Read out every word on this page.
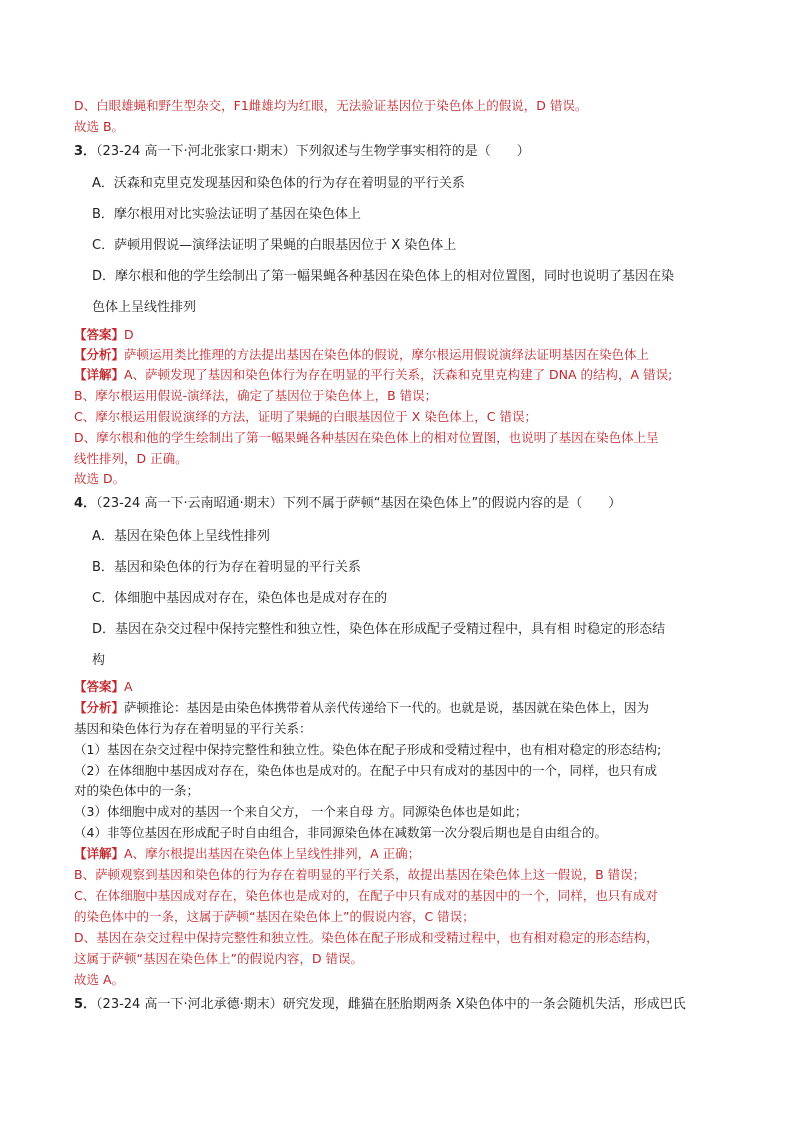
D、白眼雄蝇和野生型杂交，F1雌雄均为红眼，无法验证基因位于染色体上的假说，D 错误。
故选 B。
3．（23-24 高一下·河北张家口·期末）下列叙述与生物学事实相符的是（　　）
A．沃森和克里克发现基因和染色体的行为存在着明显的平行关系
B．摩尔根用对比实验法证明了基因在染色体上
C．萨顿用假说—演绎法证明了果蝇的白眼基因位于 X 染色体上
D．摩尔根和他的学生绘制出了第一幅果蝇各种基因在染色体上的相对位置图，同时也说明了基因在染
色体上呈线性排列
【答案】D
【分析】萨顿运用类比推理的方法提出基因在染色体的假说，摩尔根运用假说演绎法证明基因在染色体上
【详解】A、萨顿发现了基因和染色体行为存在明显的平行关系，沃森和克里克构建了 DNA 的结构，A 错误;
B、摩尔根运用假说-演绎法，确定了基因位于染色体上，B 错误；
C、摩尔根运用假说演绎的方法，证明了果蝇的白眼基因位于 X 染色体上，C 错误；
D、摩尔根和他的学生绘制出了第一幅果蝇各种基因在染色体上的相对位置图，也说明了基因在染色体上呈
线性排列，D 正确。
故选 D。
4．（23-24 高一下·云南昭通·期末）下列不属于萨顿“基因在染色体上”的假说内容的是（　　）
A．基因在染色体上呈线性排列
B．基因和染色体的行为存在着明显的平行关系
C．体细胞中基因成对存在，染色体也是成对存在的
D．基因在杂交过程中保持完整性和独立性，染色体在形成配子受精过程中，具有相 时稳定的形态结
构
【答案】A
【分析】萨顿推论：基因是由染色体携带着从亲代传递给下一代的。也就是说，基因就在染色体上，因为
基因和染色体行为存在着明显的平行关系：
（1）基因在杂交过程中保持完整性和独立性。染色体在配子形成和受精过程中，也有相对稳定的形态结构;
（2）在体细胞中基因成对存在，染色体也是成对的。在配子中只有成对的基因中的一个，同样，也只有成
对的染色体中的一条；
（3）体细胞中成对的基因一个来自父方， 一个来自母 方。同源染色体也是如此；
（4）非等位基因在形成配子时自由组合，非同源染色体在减数第一次分裂后期也是自由组合的。
【详解】A、摩尔根提出基因在染色体上呈线性排列，A 正确；
B、萨顿观察到基因和染色体的行为存在着明显的平行关系，故提出基因在染色体上这一假说，B 错误；
C、在体细胞中基因成对存在，染色体也是成对的，在配子中只有成对的基因中的一个，同样，也只有成对
的染色体中的一条，这属于萨顿“基因在染色体上”的假说内容，C 错误；
D、基因在杂交过程中保持完整性和独立性。染色体在配子形成和受精过程中，也有相对稳定的形态结构，
这属于萨顿“基因在染色体上”的假说内容，D 错误。
故选 A。
5．（23-24 高一下·河北承德·期末）研究发现，雌猫在胚胎期两条 X染色体中的一条会随机失活，形成巴氏
